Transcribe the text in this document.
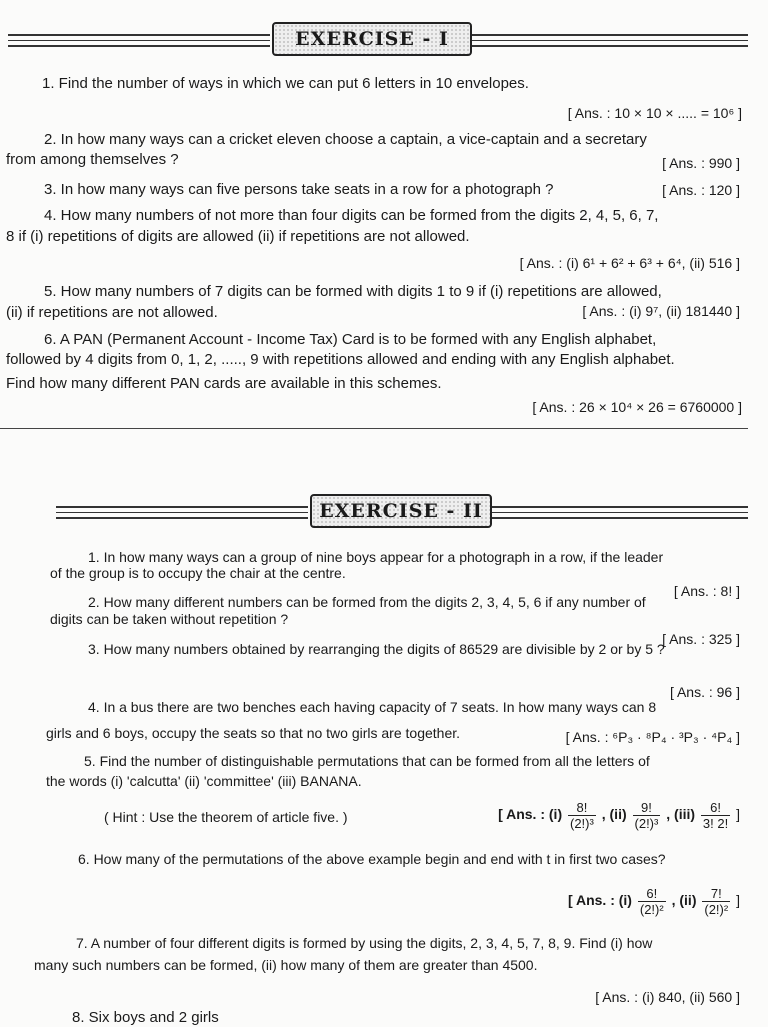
EXERCISE - I
1. Find the number of ways in which we can put 6 letters in 10 envelopes.
[ Ans. : 10 × 10 × ..... = 10⁶ ]
2. In how many ways can a cricket eleven choose a captain, a vice-captain and a secretary
from among themselves ?	[ Ans. : 990 ]
3. In how many ways can five persons take seats in a row for a photograph ?	[ Ans. : 120 ]
4. How many numbers of not more than four digits can be formed from the digits 2, 4, 5, 6, 7,
8 if (i) repetitions of digits are allowed (ii) if repetitions are not allowed.
[ Ans. : (i) 6¹ + 6² + 6³ + 6⁴, (ii) 516 ]
5. How many numbers of 7 digits can be formed with digits 1 to 9 if (i) repetitions are allowed,
(ii) if repetitions are not allowed.	[ Ans. : (i) 9⁷, (ii) 181440 ]
6. A PAN (Permanent Account - Income Tax) Card is to be formed with any English alphabet,
followed by 4 digits from 0, 1, 2, ....., 9 with repetitions allowed and ending with any English alphabet.
Find how many different PAN cards are available in this schemes.
[ Ans. : 26 × 10⁴ × 26 = 6760000 ]
EXERCISE - II
1. In how many ways can a group of nine boys appear for a photograph in a row, if the leader
of the group is to occupy the chair at the centre.
[ Ans. : 8! ]
2. How many different numbers can be formed from the digits 2, 3, 4, 5, 6 if any number of
digits can be taken without repetition ?
[ Ans. : 325 ]
3. How many numbers obtained by rearranging the digits of 86529 are divisible by 2 or by 5 ?
[ Ans. : 96 ]
4. In a bus there are two benches each having capacity of 7 seats. In how many ways can 8
girls and 6 boys, occupy the seats so that no two girls are together.	[ Ans. : ⁶P₃ · ⁸P₄ · ³P₃ · ⁴P₄ ]
5. Find the number of distinguishable permutations that can be formed from all the letters of
the words (i) 'calcutta' (ii) 'committee' (iii) BANANA.
( Hint : Use the theorem of article five. )	[ Ans. : $(i) \frac{8!}{\text{(2!)³}}$ , $(ii) \frac{9!}{\text{(2!)³}}$ , $(iii) \frac{6!}{3! 2!}$ ]
6. How many of the permutations of the above example begin and end with t in first two cases?
[ Ans. : $(i) \frac{6!}{\text{(2!)²}}$ , $(ii) \frac{7!}{\text{(2!)²}}$ ]
7. A number of four different digits is formed by using the digits, 2, 3, 4, 5, 7, 8, 9. Find (i) how
many such numbers can be formed, (ii) how many of them are greater than 4500.
[ Ans. : (i) 840, (ii) 560 ]
8. Six boys and 2 girls
